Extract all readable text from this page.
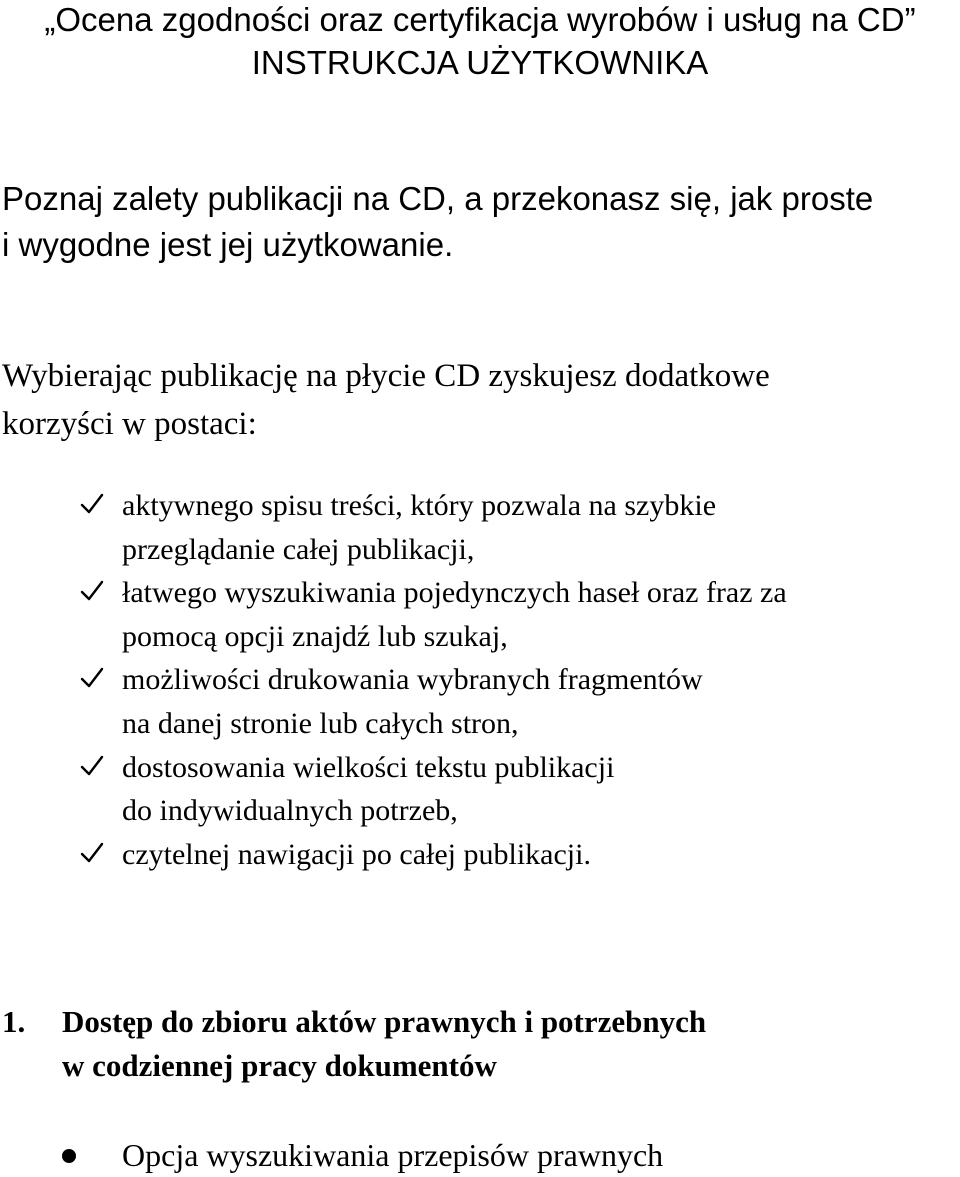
„Ocena zgodności oraz certyfikacja wyrobów i usług na CD”
INSTRUKCJA UŻYTKOWNIKA
Poznaj zalety publikacji na CD, a przekonasz się, jak proste
i wygodne jest jej użytkowanie.
Wybierając publikację na płycie CD zyskujesz dodatkowe
korzyści w postaci:
aktywnego spisu treści, który pozwala na szybkie
przeglądanie całej publikacji,
łatwego wyszukiwania pojedynczych haseł oraz fraz za
pomocą opcji znajdź lub szukaj,
możliwości drukowania wybranych fragmentów
na danej stronie lub całych stron,
dostosowania wielkości tekstu publikacji
do indywidualnych potrzeb,
czytelnej nawigacji po całej publikacji.
1. Dostęp do zbioru aktów prawnych i potrzebnych
w codziennej pracy dokumentów
Opcja wyszukiwania przepisów prawnych
